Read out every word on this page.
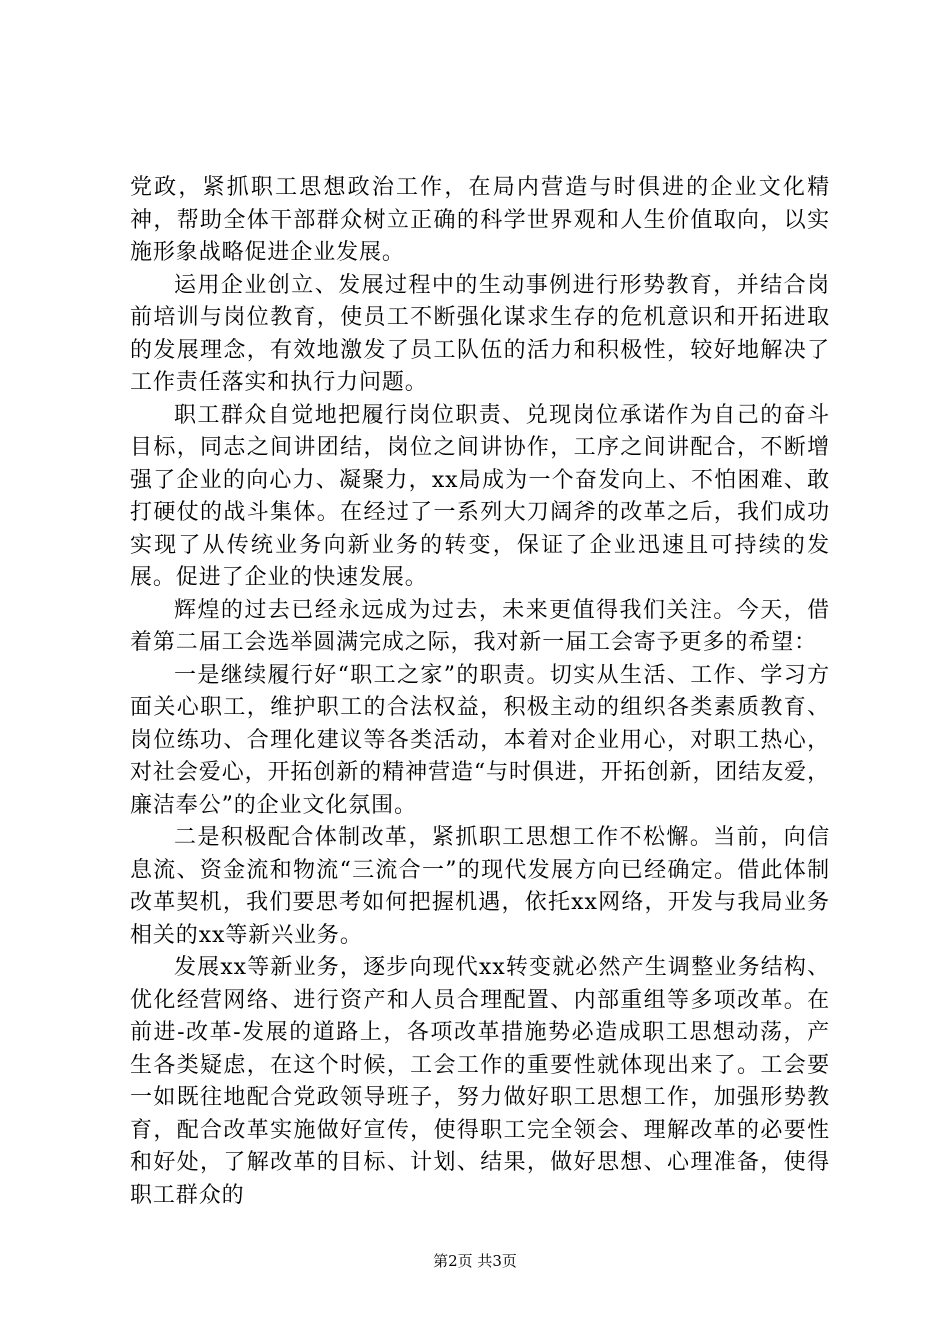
党政，紧抓职工思想政治工作，在局内营造与时俱进的企业文化精神，帮助全体干部群众树立正确的科学世界观和人生价值取向，以实施形象战略促进企业发展。

运用企业创立、发展过程中的生动事例进行形势教育，并结合岗前培训与岗位教育，使员工不断强化谋求生存的危机意识和开拓进取的发展理念，有效地激发了员工队伍的活力和积极性，较好地解决了工作责任落实和执行力问题。

职工群众自觉地把履行岗位职责、兑现岗位承诺作为自己的奋斗目标，同志之间讲团结，岗位之间讲协作，工序之间讲配合，不断增强了企业的向心力、凝聚力，xx局成为一个奋发向上、不怕困难、敢打硬仗的战斗集体。在经过了一系列大刀阔斧的改革之后，我们成功实现了从传统业务向新业务的转变，保证了企业迅速且可持续的发展。促进了企业的快速发展。

辉煌的过去已经永远成为过去，未来更值得我们关注。今天，借着第二届工会选举圆满完成之际，我对新一届工会寄予更多的希望：

一是继续履行好“职工之家”的职责。切实从生活、工作、学习方面关心职工，维护职工的合法权益，积极主动的组织各类素质教育、岗位练功、合理化建议等各类活动，本着对企业用心，对职工热心，对社会爱心，开拓创新的精神营造“与时俱进，开拓创新，团结友爱，廉洁奉公”的企业文化氛围。

二是积极配合体制改革，紧抓职工思想工作不松懈。当前，向信息流、资金流和物流“三流合一”的现代发展方向已经确定。借此体制改革契机，我们要思考如何把握机遇，依托xx网络，开发与我局业务相关的xx等新兴业务。

发展xx等新业务，逐步向现代xx转变就必然产生调整业务结构、优化经营网络、进行资产和人员合理配置、内部重组等多项改革。在前进-改革-发展的道路上，各项改革措施势必造成职工思想动荡，产生各类疑虑，在这个时候，工会工作的重要性就体现出来了。工会要一如既往地配合党政领导班子，努力做好职工思想工作，加强形势教育，配合改革实施做好宣传，使得职工完全领会、理解改革的必要性和好处，了解改革的目标、计划、结果，做好思想、心理准备，使得职工群众的

第2页 共3页
